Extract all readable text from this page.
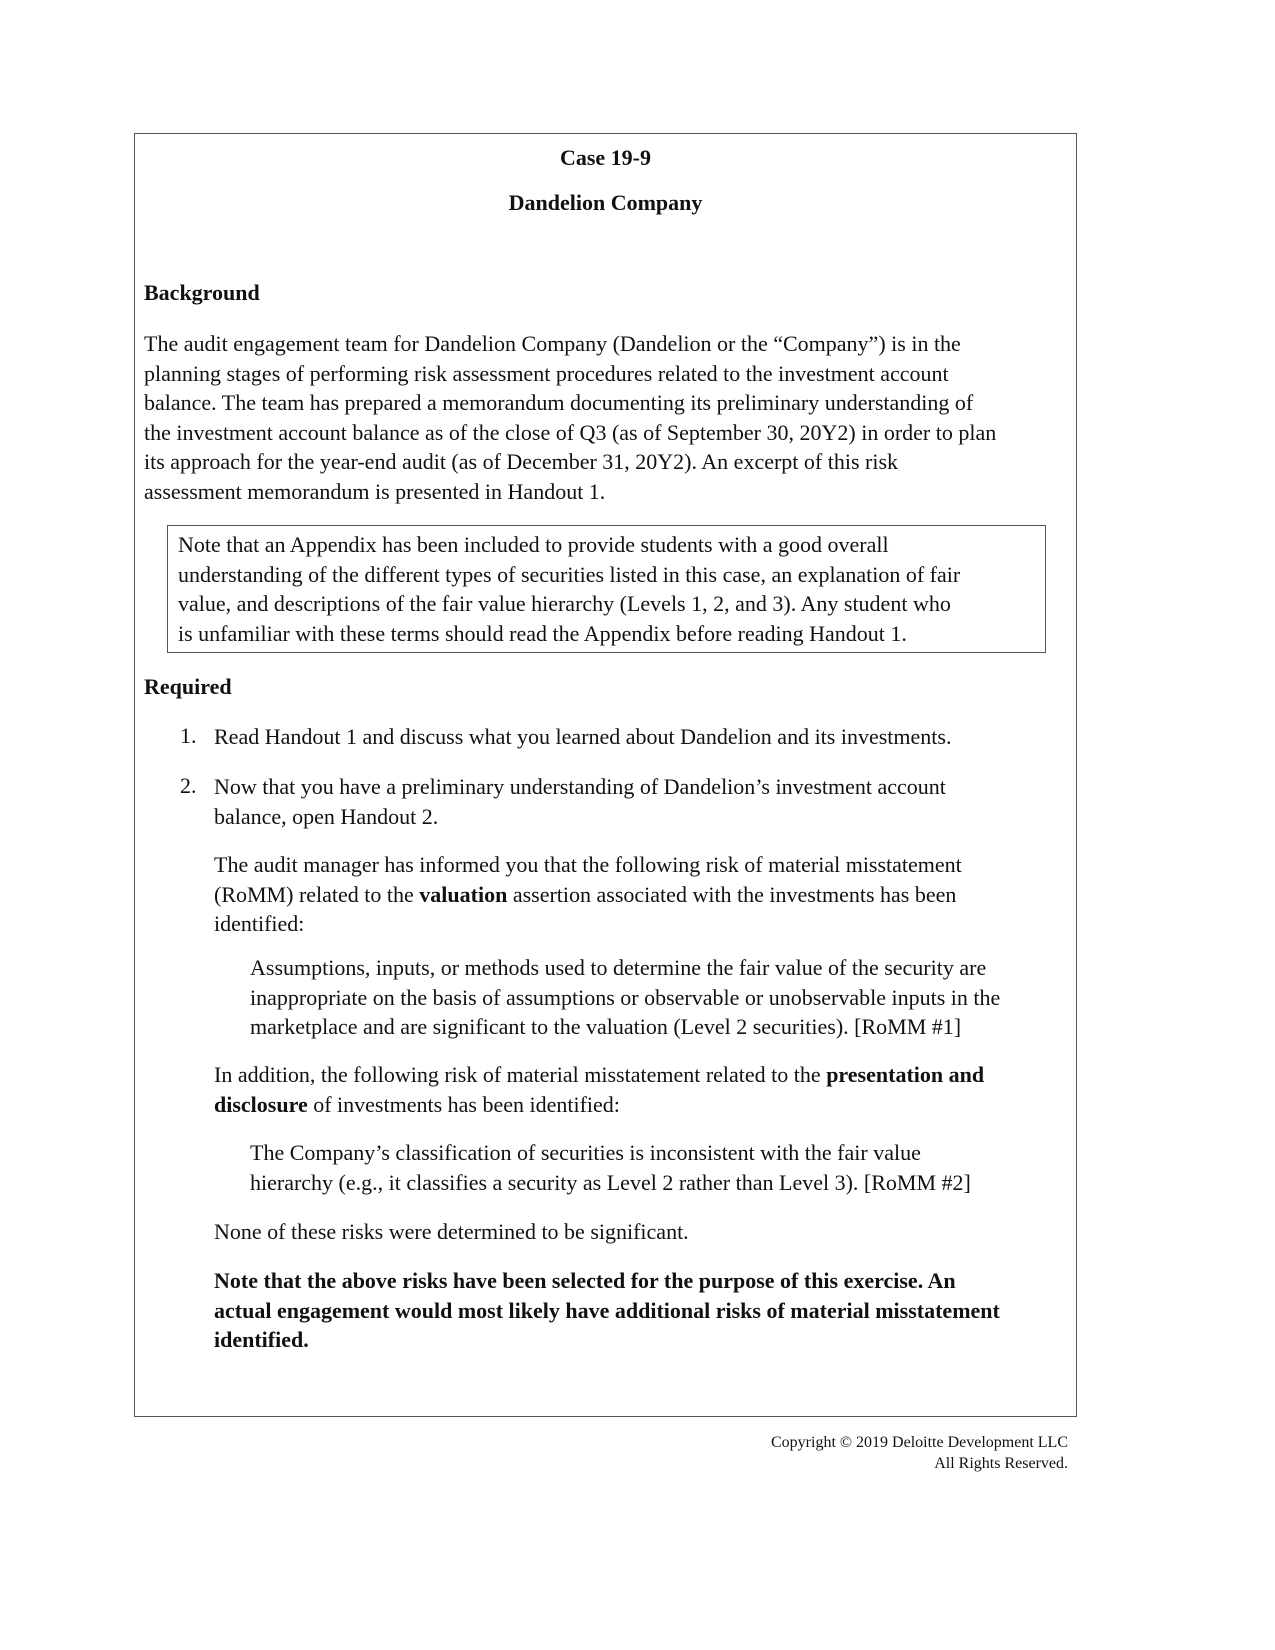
Case 19-9
Dandelion Company
Background
The audit engagement team for Dandelion Company (Dandelion or the “Company”) is in the
planning stages of performing risk assessment procedures related to the investment account
balance. The team has prepared a memorandum documenting its preliminary understanding of
the investment account balance as of the close of Q3 (as of September 30, 20Y2) in order to plan
its approach for the year-end audit (as of December 31, 20Y2). An excerpt of this risk
assessment memorandum is presented in Handout 1.
Note that an Appendix has been included to provide students with a good overall
understanding of the different types of securities listed in this case, an explanation of fair
value, and descriptions of the fair value hierarchy (Levels 1, 2, and 3). Any student who
is unfamiliar with these terms should read the Appendix before reading Handout 1.
Required
1. Read Handout 1 and discuss what you learned about Dandelion and its investments.
2. Now that you have a preliminary understanding of Dandelion’s investment account
balance, open Handout 2.
The audit manager has informed you that the following risk of material misstatement
(RoMM) related to the valuation assertion associated with the investments has been
identified:
Assumptions, inputs, or methods used to determine the fair value of the security are
inappropriate on the basis of assumptions or observable or unobservable inputs in the
marketplace and are significant to the valuation (Level 2 securities). [RoMM #1]
In addition, the following risk of material misstatement related to the presentation and
disclosure of investments has been identified:
The Company’s classification of securities is inconsistent with the fair value
hierarchy (e.g., it classifies a security as Level 2 rather than Level 3). [RoMM #2]
None of these risks were determined to be significant.
Note that the above risks have been selected for the purpose of this exercise. An
actual engagement would most likely have additional risks of material misstatement
identified.
Copyright © 2019 Deloitte Development LLC
All Rights Reserved.
